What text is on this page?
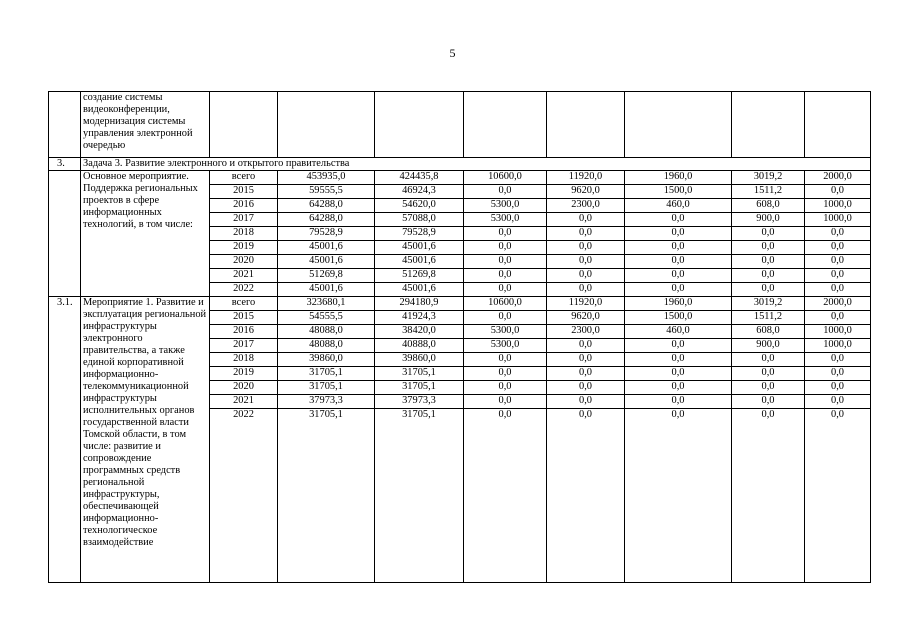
5
	создание системы видеоконференции, модернизация системы управления электронной очередью								
3.	Задача 3. Развитие электронного и открытого правительства								
	Основное мероприятие. Поддержка региональных проектов в сфере информационных технологий, в том числе:	всего	453935,0	424435,8	10600,0	11920,0	1960,0	3019,2	2000,0
		2015	59555,5	46924,3	0,0	9620,0	1500,0	1511,2	0,0
		2016	64288,0	54620,0	5300,0	2300,0	460,0	608,0	1000,0
		2017	64288,0	57088,0	5300,0	0,0	0,0	900,0	1000,0
		2018	79528,9	79528,9	0,0	0,0	0,0	0,0	0,0
		2019	45001,6	45001,6	0,0	0,0	0,0	0,0	0,0
		2020	45001,6	45001,6	0,0	0,0	0,0	0,0	0,0
		2021	51269,8	51269,8	0,0	0,0	0,0	0,0	0,0
		2022	45001,6	45001,6	0,0	0,0	0,0	0,0	0,0
3.1.	Мероприятие 1. Развитие и эксплуатация региональной инфраструктуры электронного правительства, а также единой корпоративной информационно-телекоммуникационной инфраструктуры исполнительных органов государственной власти Томской области, в том числе: развитие и сопровождение программных средств региональной инфраструктуры, обеспечивающей информационно-технологическое взаимодействие	всего	323680,1	294180,9	10600,0	11920,0	1960,0	3019,2	2000,0
		2015	54555,5	41924,3	0,0	9620,0	1500,0	1511,2	0,0
		2016	48088,0	38420,0	5300,0	2300,0	460,0	608,0	1000,0
		2017	48088,0	40888,0	5300,0	0,0	0,0	900,0	1000,0
		2018	39860,0	39860,0	0,0	0,0	0,0	0,0	0,0
		2019	31705,1	31705,1	0,0	0,0	0,0	0,0	0,0
		2020	31705,1	31705,1	0,0	0,0	0,0	0,0	0,0
		2021	37973,3	37973,3	0,0	0,0	0,0	0,0	0,0
		2022	31705,1	31705,1	0,0	0,0	0,0	0,0	0,0
